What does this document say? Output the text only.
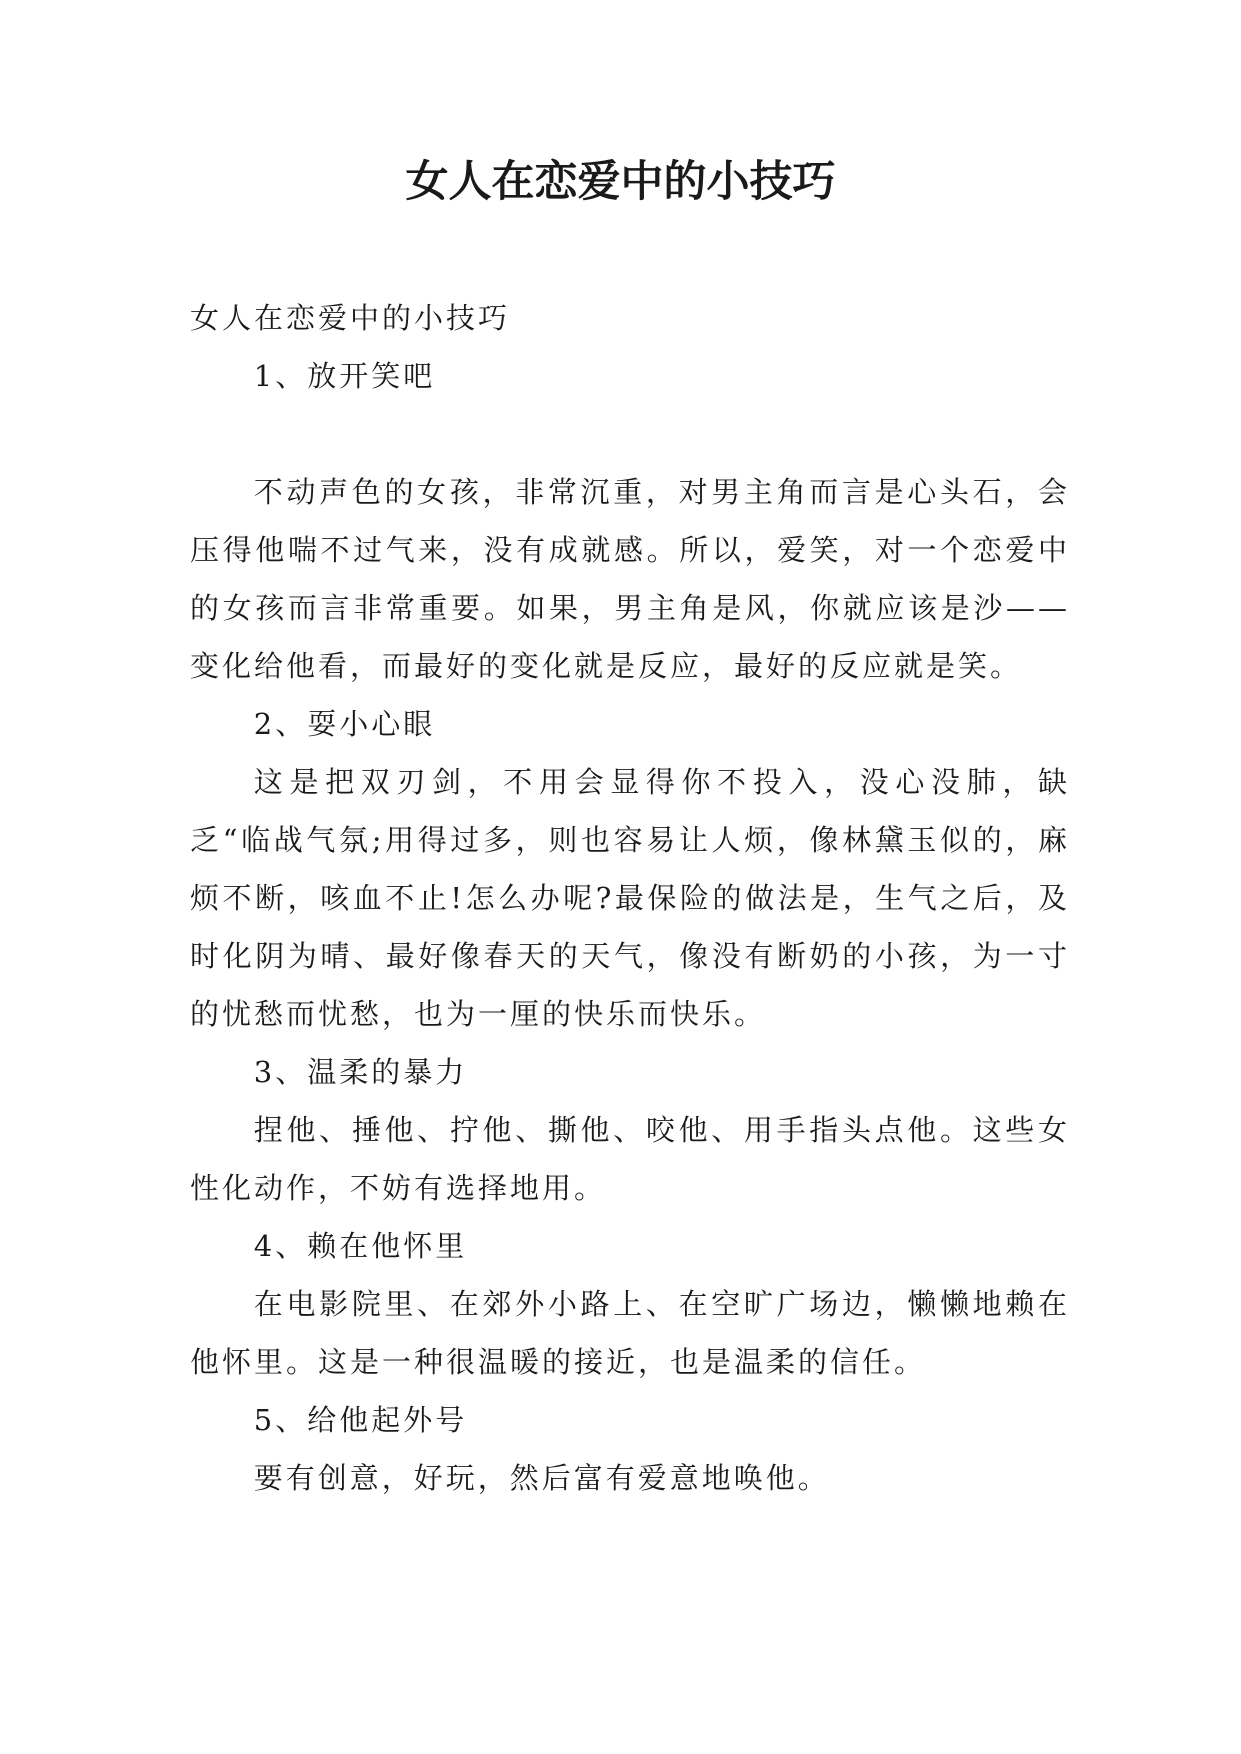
女人在恋爱中的小技巧

女人在恋爱中的小技巧

1、放开笑吧

不动声色的女孩，非常沉重，对男主角而言是心头石，会压得他喘不过气来，没有成就感。所以，爱笑，对一个恋爱中的女孩而言非常重要。如果，男主角是风，你就应该是沙——变化给他看，而最好的变化就是反应，最好的反应就是笑。

2、耍小心眼

这是把双刃剑，不用会显得你不投入，没心没肺，缺乏“临战气氛;用得过多，则也容易让人烦，像林黛玉似的，麻烦不断，咳血不止!怎么办呢?最保险的做法是，生气之后，及时化阴为晴、最好像春天的天气，像没有断奶的小孩，为一寸的忧愁而忧愁，也为一厘的快乐而快乐。

3、温柔的暴力

捏他、捶他、拧他、撕他、咬他、用手指头点他。这些女性化动作，不妨有选择地用。

4、赖在他怀里

在电影院里、在郊外小路上、在空旷广场边，懒懒地赖在他怀里。这是一种很温暖的接近，也是温柔的信任。

5、给他起外号

要有创意，好玩，然后富有爱意地唤他。
